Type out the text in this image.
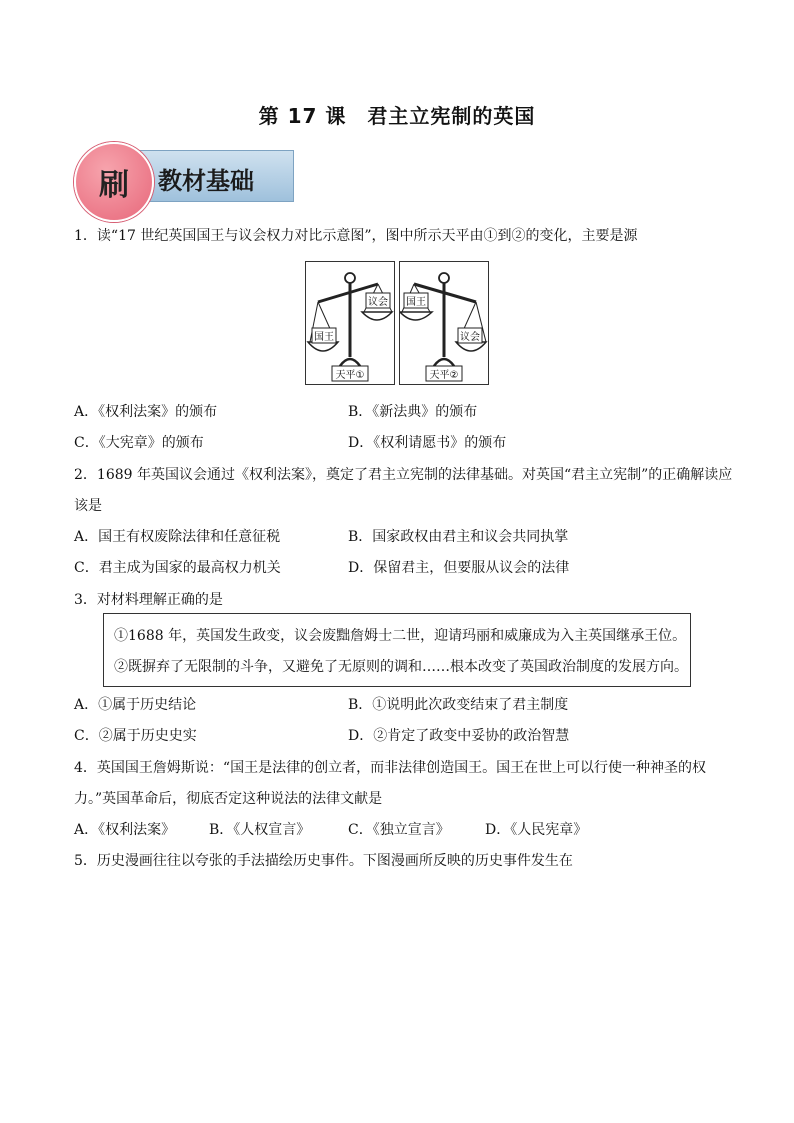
第 17 课　君主立宪制的英国
刷 教材基础
1．读“17 世纪英国国王与议会权力对比示意图”，图中所示天平由①到②的变化，主要是源
国王
议会
天平①
国王
议会
天平②
A．《权利法案》的颁布	B．《新法典》的颁布
C．《大宪章》的颁布	D．《权利请愿书》的颁布
2．1689 年英国议会通过《权利法案》，奠定了君主立宪制的法律基础。对英国“君主立宪制”的正确解读应
该是
A．国王有权废除法律和任意征税	B．国家政权由君主和议会共同执掌
C．君主成为国家的最高权力机关	D．保留君主，但要服从议会的法律
3．对材料理解正确的是
①1688 年，英国发生政变，议会废黜詹姆士二世，迎请玛丽和威廉成为入主英国继承王位。
②既摒弃了无限制的斗争，又避免了无原则的调和……根本改变了英国政治制度的发展方向。
A．①属于历史结论	B．①说明此次政变结束了君主制度
C．②属于历史史实	D．②肯定了政变中妥协的政治智慧
4．英国国王詹姆斯说：“国王是法律的创立者，而非法律创造国王。国王在世上可以行使一种神圣的权
力。”英国革命后，彻底否定这种说法的法律文献是
A．《权利法案》 B．《人权宣言》	C．《独立宣言》	D．《人民宪章》
5．历史漫画往往以夸张的手法描绘历史事件。下图漫画所反映的历史事件发生在
